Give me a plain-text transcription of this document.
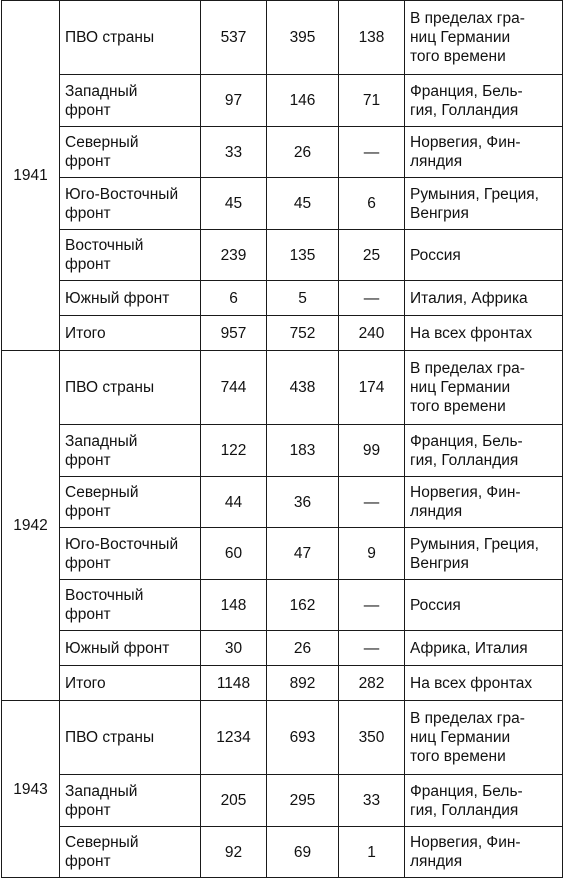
1941	ПВО страны	537	395	138	В пределах гра-
ниц Германии
того времени
	Западный
фронт	97	146	71	Франция, Бель-
гия, Голландия
	Северный
фронт	33	26	—	Норвегия, Фин-
ляндия
	Юго-Восточный
фронт	45	45	6	Румыния, Греция,
Венгрия
	Восточный
фронт	239	135	25	Россия
	Южный фронт	6	5	—	Италия, Африка
	Итого	957	752	240	На всех фронтах
1942	ПВО страны	744	438	174	В пределах гра-
ниц Германии
того времени
	Западный
фронт	122	183	99	Франция, Бель-
гия, Голландия
	Северный
фронт	44	36	—	Норвегия, Фин-
ляндия
	Юго-Восточный
фронт	60	47	9	Румыния, Греция,
Венгрия
	Восточный
фронт	148	162	—	Россия
	Южный фронт	30	26	—	Африка, Италия
	Итого	1148	892	282	На всех фронтах
1943	ПВО страны	1234	693	350	В пределах гра-
ниц Германии
того времени
	Западный
фронт	205	295	33	Франция, Бель-
гия, Голландия
	Северный
фронт	92	69	1	Норвегия, Фин-
ляндия
